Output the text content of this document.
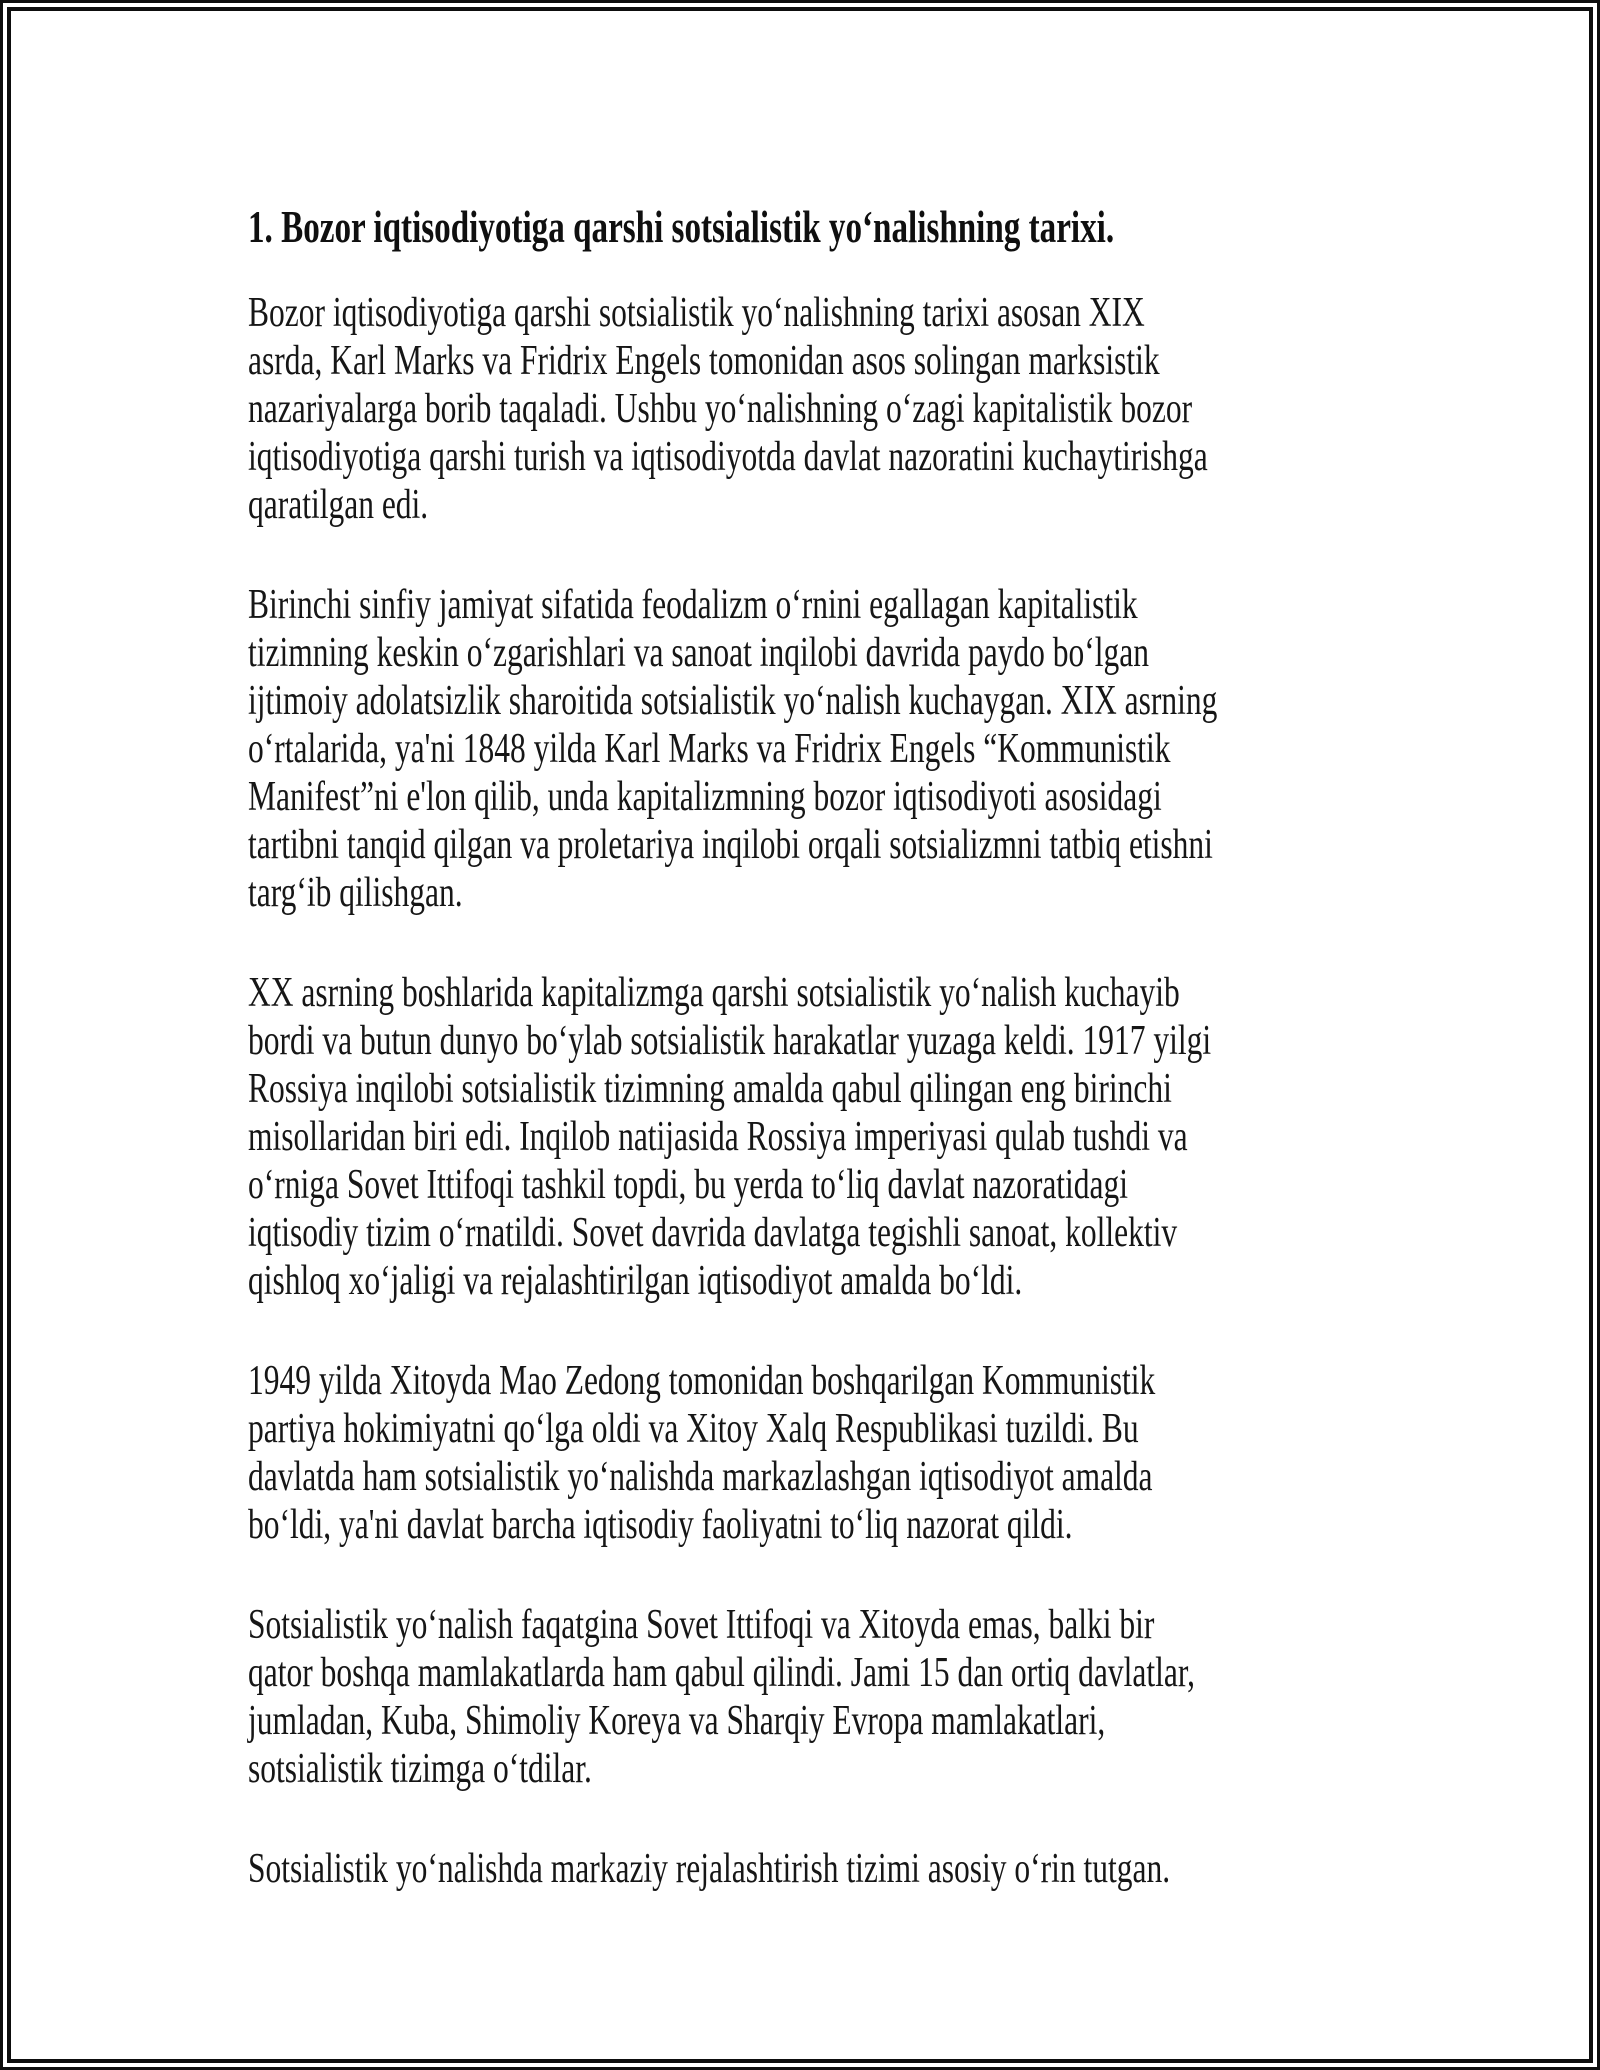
1. Bozor iqtisodiyotiga qarshi sotsialistik yo‘nalishning tarixi.
Bozor iqtisodiyotiga qarshi sotsialistik yo‘nalishning tarixi asosan XIX
asrda, Karl Marks va Fridrix Engels tomonidan asos solingan marksistik
nazariyalarga borib taqaladi. Ushbu yo‘nalishning o‘zagi kapitalistik bozor
iqtisodiyotiga qarshi turish va iqtisodiyotda davlat nazoratini kuchaytirishga
qaratilgan edi.
Birinchi sinfiy jamiyat sifatida feodalizm o‘rnini egallagan kapitalistik
tizimning keskin o‘zgarishlari va sanoat inqilobi davrida paydo bo‘lgan
ijtimoiy adolatsizlik sharoitida sotsialistik yo‘nalish kuchaygan. XIX asrning
o‘rtalarida, ya'ni 1848 yilda Karl Marks va Fridrix Engels “Kommunistik
Manifest”ni e'lon qilib, unda kapitalizmning bozor iqtisodiyoti asosidagi
tartibni tanqid qilgan va proletariya inqilobi orqali sotsializmni tatbiq etishni
targ‘ib qilishgan.
XX asrning boshlarida kapitalizmga qarshi sotsialistik yo‘nalish kuchayib
bordi va butun dunyo bo‘ylab sotsialistik harakatlar yuzaga keldi. 1917 yilgi
Rossiya inqilobi sotsialistik tizimning amalda qabul qilingan eng birinchi
misollaridan biri edi. Inqilob natijasida Rossiya imperiyasi qulab tushdi va
o‘rniga Sovet Ittifoqi tashkil topdi, bu yerda to‘liq davlat nazoratidagi
iqtisodiy tizim o‘rnatildi. Sovet davrida davlatga tegishli sanoat, kollektiv
qishloq xo‘jaligi va rejalashtirilgan iqtisodiyot amalda bo‘ldi.
1949 yilda Xitoyda Mao Zedong tomonidan boshqarilgan Kommunistik
partiya hokimiyatni qo‘lga oldi va Xitoy Xalq Respublikasi tuzildi. Bu
davlatda ham sotsialistik yo‘nalishda markazlashgan iqtisodiyot amalda
bo‘ldi, ya'ni davlat barcha iqtisodiy faoliyatni to‘liq nazorat qildi.
Sotsialistik yo‘nalish faqatgina Sovet Ittifoqi va Xitoyda emas, balki bir
qator boshqa mamlakatlarda ham qabul qilindi. Jami 15 dan ortiq davlatlar,
jumladan, Kuba, Shimoliy Koreya va Sharqiy Evropa mamlakatlari,
sotsialistik tizimga o‘tdilar.
Sotsialistik yo‘nalishda markaziy rejalashtirish tizimi asosiy o‘rin tutgan.
